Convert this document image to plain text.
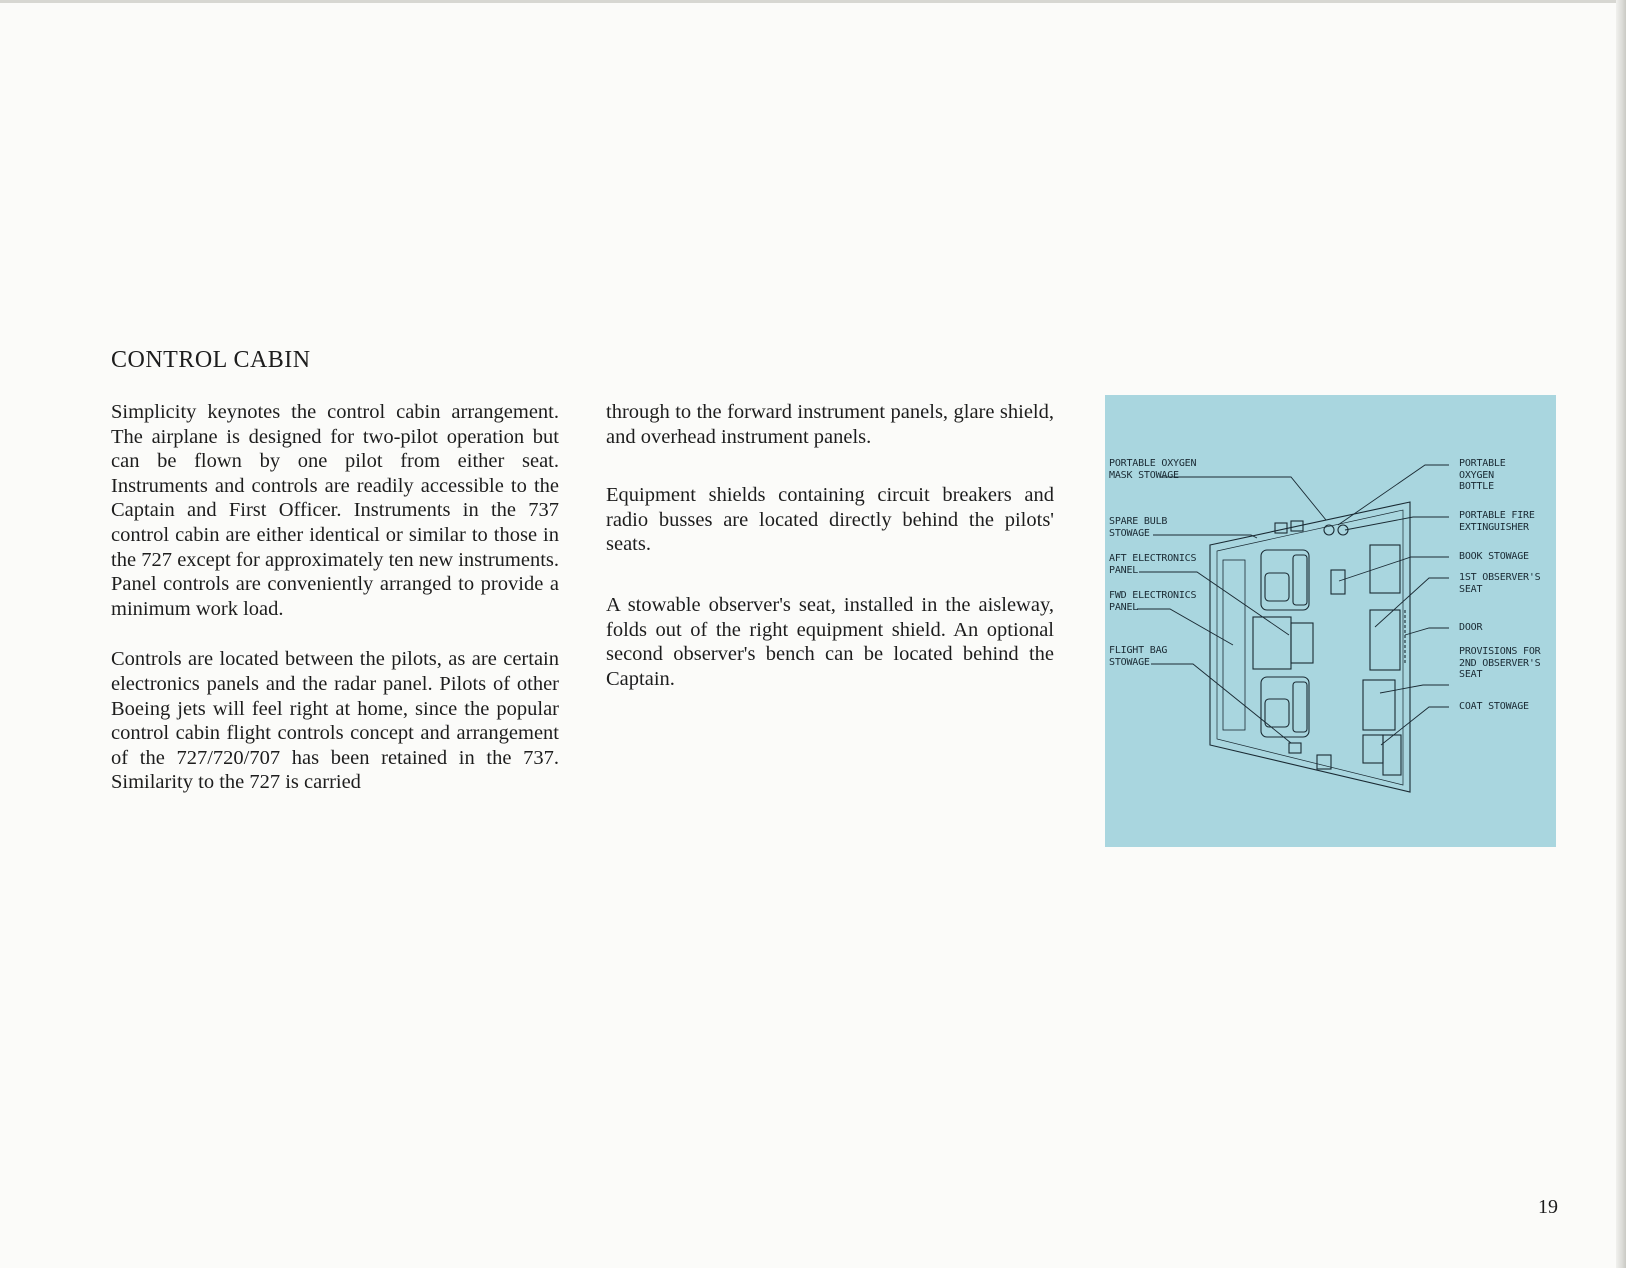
CONTROL CABIN

Simplicity keynotes the control cabin arrangement. The airplane is designed for two-pilot operation but can be flown by one pilot from either seat. Instruments and controls are readily accessible to the Captain and First Officer. Instruments in the 737 control cabin are either identical or similar to those in the 727 except for approximately ten new instruments. Panel controls are conveniently arranged to provide a minimum work load.

Controls are located between the pilots, as are certain electronics panels and the radar panel. Pilots of other Boeing jets will feel right at home, since the popular control cabin flight controls concept and arrangement of the 727/720/707 has been retained in the 737. Similarity to the 727 is carried

through to the forward instrument panels, glare shield, and overhead instrument panels.

Equipment shields containing circuit breakers and radio busses are located directly behind the pilots' seats.

A stowable observer's seat, installed in the aisleway, folds out of the right equipment shield. An optional second observer's bench can be located behind the Captain.

PORTABLE OXYGEN
MASK STOWAGE
SPARE BULB
STOWAGE
AFT ELECTRONICS
PANEL
FWD ELECTRONICS
PANEL
FLIGHT BAG
STOWAGE
PORTABLE
OXYGEN
BOTTLE
PORTABLE FIRE
EXTINGUISHER
BOOK STOWAGE
1ST OBSERVER'S
SEAT
DOOR
PROVISIONS FOR
2ND OBSERVER'S
SEAT
COAT STOWAGE
19
